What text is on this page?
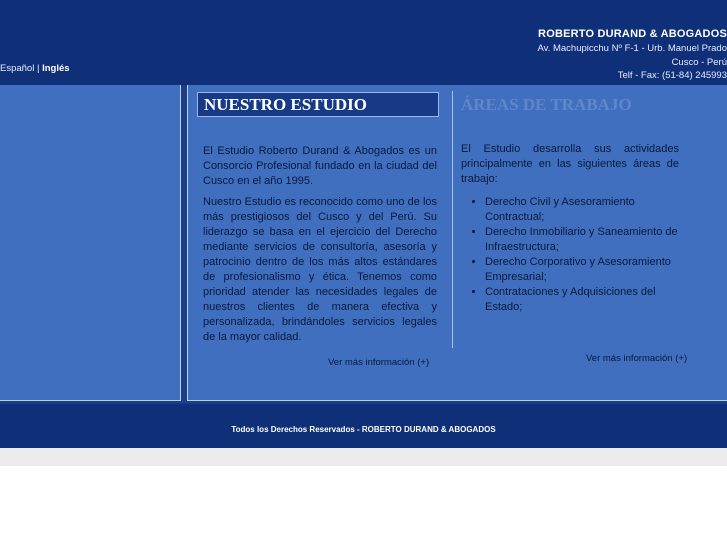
ROBERTO DURAND & ABOGADOS
Av. Machupicchu Nº F-1 - Urb. Manuel Prado
Cusco - Perú
Telf - Fax: (51-84) 245993
Español | Inglés
NUESTRO ESTUDIO	ÁREAS DE TRABAJO

El Estudio Roberto Durand & Abogados es un Consorcio Profesional fundado en la ciudad del Cusco en el año 1995.

Nuestro Estudio es reconocido como uno de los más prestigiosos del Cusco y del Perú. Su liderazgo se basa en el ejercicio del Derecho mediante servicios de consultoría, asesoría y patrocinio dentro de los más altos estándares de profesionalismo y ética. Tenemos como prioridad atender las necesidades legales de nuestros clientes de manera efectiva y personalizada, brindándoles servicios legales de la mayor calidad.

El Estudio desarrolla sus actividades principalmente en las siguientes áreas de trabajo:

• Derecho Civil y Asesoramiento Contractual;
• Derecho Inmobiliario y Saneamiento de Infraestructura;
• Derecho Corporativo y Asesoramiento Empresarial;
• Contrataciones y Adquisiciones del Estado;
Ver más información (+)	Ver más información (+)
Todos los Derechos Reservados - ROBERTO DURAND & ABOGADOS
